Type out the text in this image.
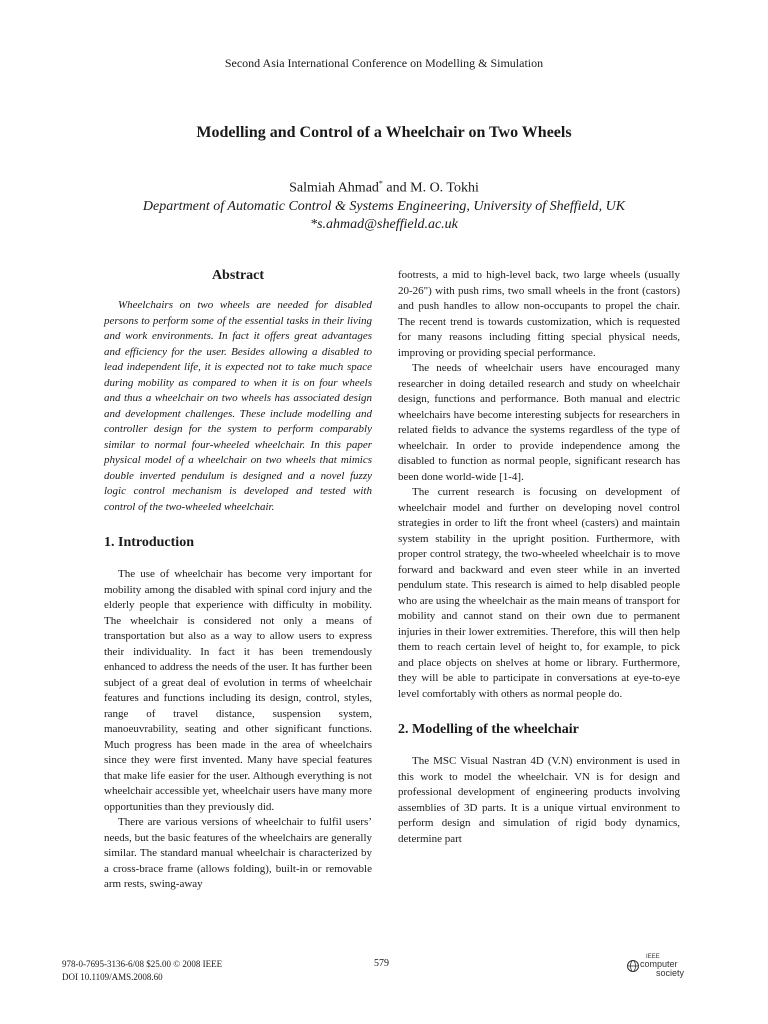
Second Asia International Conference on Modelling & Simulation
Modelling and Control of a Wheelchair on Two Wheels
Salmiah Ahmad* and M. O. Tokhi
Department of Automatic Control & Systems Engineering, University of Sheffield, UK
*s.ahmad@sheffield.ac.uk
Abstract

Wheelchairs on two wheels are needed for disabled persons to perform some of the essential tasks in their living and work environments. In fact it offers great advantages and efficiency for the user. Besides allowing a disabled to lead independent life, it is expected not to take much space during mobility as compared to when it is on four wheels and thus a wheelchair on two wheels has associated design and development challenges. These include modelling and controller design for the system to perform comparably similar to normal four-wheeled wheelchair. In this paper physical model of a wheelchair on two wheels that mimics double inverted pendulum is designed and a novel fuzzy logic control mechanism is developed and tested with control of the two-wheeled wheelchair.

1. Introduction

The use of wheelchair has become very important for mobility among the disabled with spinal cord injury and the elderly people that experience with difficulty in mobility. The wheelchair is considered not only a means of transportation but also as a way to allow users to express their individuality. In fact it has been tremendously enhanced to address the needs of the user. It has further been subject of a great deal of evolution in terms of wheelchair features and functions including its design, control, styles, range of travel distance, suspension system, manoeuvrability, seating and other significant functions. Much progress has been made in the area of wheelchairs since they were first invented. Many have special features that make life easier for the user. Although everything is not wheelchair accessible yet, wheelchair users have many more opportunities than they previously did.

There are various versions of wheelchair to fulfil users’ needs, but the basic features of the wheelchairs are generally similar. The standard manual wheelchair is characterized by a cross-brace frame (allows folding), built-in or removable arm rests, swing-away

footrests, a mid to high-level back, two large wheels (usually 20-26") with push rims, two small wheels in the front (castors) and push handles to allow non-occupants to propel the chair. The recent trend is towards customization, which is requested for many reasons including fitting special physical needs, improving or providing special performance.

The needs of wheelchair users have encouraged many researcher in doing detailed research and study on wheelchair design, functions and performance. Both manual and electric wheelchairs have become interesting subjects for researchers in related fields to advance the systems regardless of the type of wheelchair. In order to provide independence among the disabled to function as normal people, significant research has been done world-wide [1-4].

The current research is focusing on development of wheelchair model and further on developing novel control strategies in order to lift the front wheel (casters) and maintain system stability in the upright position. Furthermore, with proper control strategy, the two-wheeled wheelchair is to move forward and backward and even steer while in an inverted pendulum state. This research is aimed to help disabled people who are using the wheelchair as the main means of transport for mobility and cannot stand on their own due to permanent injuries in their lower extremities. Therefore, this will then help them to reach certain level of height to, for example, to pick and place objects on shelves at home or library. Furthermore, they will be able to participate in conversations at eye-to-eye level comfortably with others as normal people do.

2. Modelling of the wheelchair

The MSC Visual Nastran 4D (V.N) environment is used in this work to model the wheelchair. VN is for design and professional development of engineering products involving assemblies of 3D parts. It is a unique virtual environment to perform design and simulation of rigid body dynamics, determine part

978-0-7695-3136-6/08 $25.00 © 2008 IEEE
DOI 10.1109/AMS.2008.60
579
IEEE
computer
society
